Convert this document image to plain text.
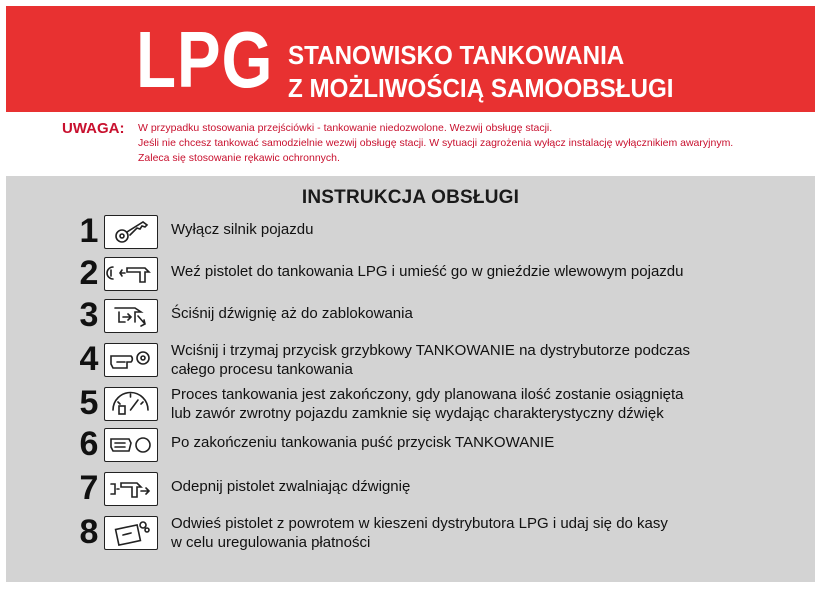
LPG STANOWISKO TANKOWANIA
Z MOŻLIWOŚCIĄ SAMOOBSŁUGI
UWAGA: W przypadku stosowania przejściówki - tankowanie niedozwolone. Wezwij obsługę stacji.
Jeśli nie chcesz tankować samodzielnie wezwij obsługę stacji. W sytuacji zagrożenia wyłącz instalację wyłącznikiem awaryjnym.
Zaleca się stosowanie rękawic ochronnych.
INSTRUKCJA OBSŁUGI
1	Wyłącz silnik pojazdu
2	Weź pistolet do tankowania LPG i umieść go w gnieździe wlewowym pojazdu
3	Ściśnij dźwignię aż do zablokowania
4	Wciśnij i trzymaj przycisk grzybkowy TANKOWANIE na dystrybutorze podczas
całego procesu tankowania
5	Proces tankowania jest zakończony, gdy planowana ilość zostanie osiągnięta
lub zawór zwrotny pojazdu zamknie się wydając charakterystyczny dźwięk
6	Po zakończeniu tankowania puść przycisk TANKOWANIE
7	Odepnij pistolet zwalniając dźwignię
8	Odwieś pistolet z powrotem w kieszeni dystrybutora LPG i udaj się do kasy
w celu uregulowania płatności
